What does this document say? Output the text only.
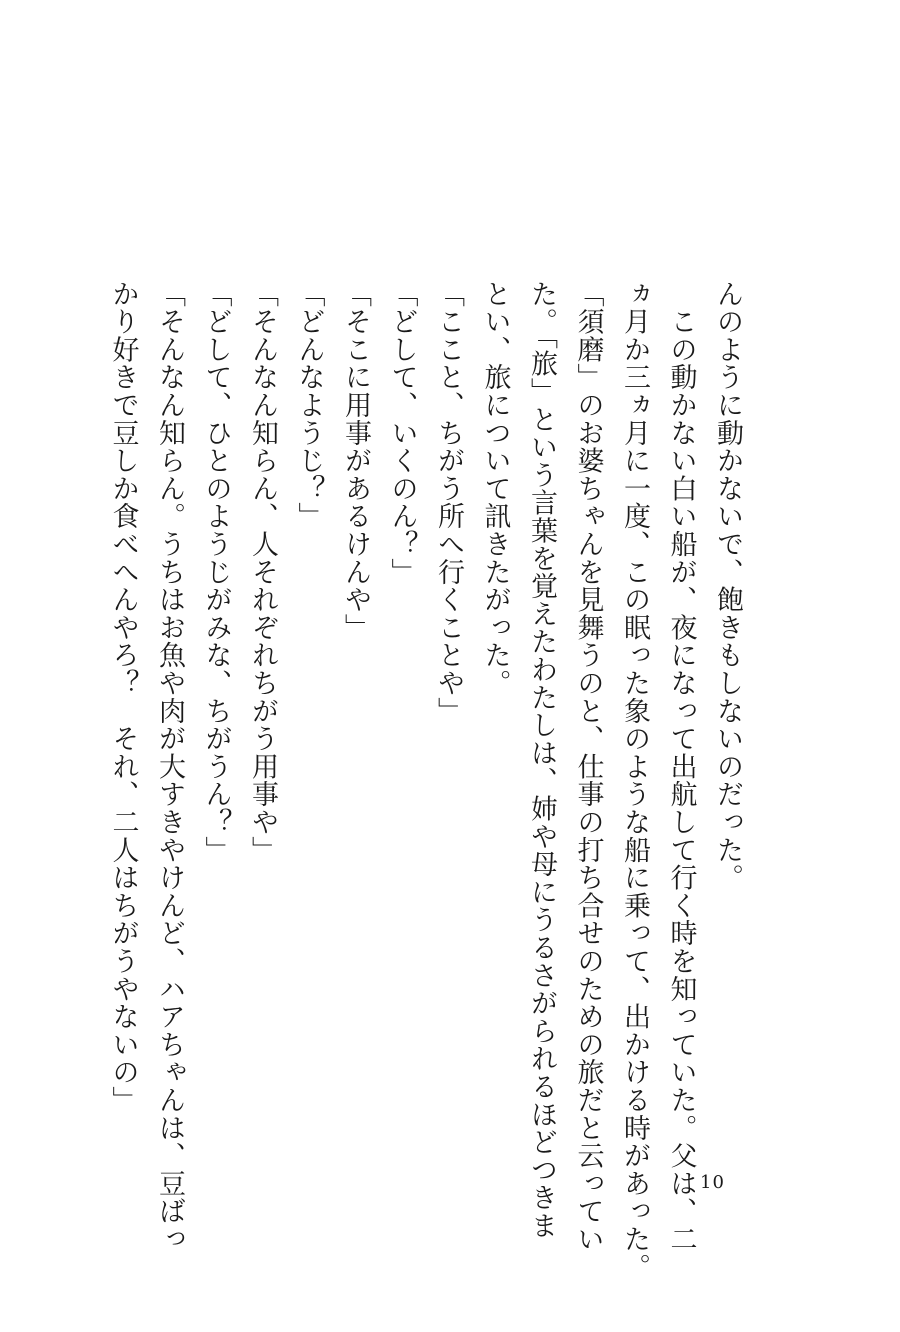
んのように動かないで、飽きもしないのだった。
　この動かない白い船が、夜になって出航して行く時を知っていた。父は、二
ヵ月か三ヵ月に一度、この眠った象のような船に乗って、出かける時があった。
「須磨」のお婆ちゃんを見舞うのと、仕事の打ち合せのための旅だと云ってい
た。「旅」という言葉を覚えたわたしは、姉や母にうるさがられるほどつきま
とい、旅について訊きたがった。
「ここと、ちがう所へ行くことや」
「どして、いくのん？」
「そこに用事があるけんや」
「どんなようじ？」
「そんなん知らん、人それぞれちがう用事や」
「どして、ひとのようじがみな、ちがうん？」
「そんなん知らん。うちはお魚や肉が大すきやけんど、ハアちゃんは、豆ばっ
かり好きで豆しか食べへんやろ？　それ、二人はちがうやないの」
10
